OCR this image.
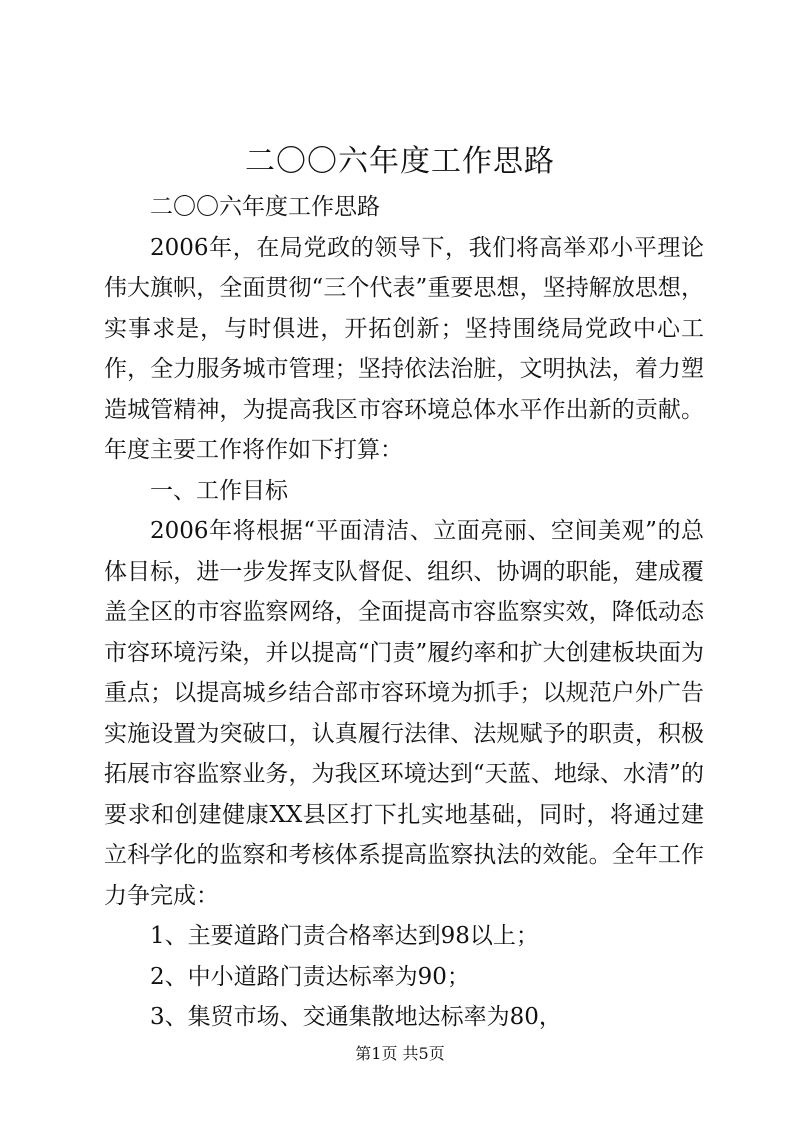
二〇〇六年度工作思路

二〇〇六年度工作思路

2006年，在局党政的领导下，我们将高举邓小平理论伟大旗帜，全面贯彻“三个代表”重要思想，坚持解放思想，实事求是，与时俱进，开拓创新；坚持围绕局党政中心工作，全力服务城市管理；坚持依法治脏，文明执法，着力塑造城管精神，为提高我区市容环境总体水平作出新的贡献。年度主要工作将作如下打算：

一、工作目标

2006年将根据“平面清洁、立面亮丽、空间美观”的总体目标，进一步发挥支队督促、组织、协调的职能，建成覆盖全区的市容监察网络，全面提高市容监察实效，降低动态市容环境污染，并以提高“门责”履约率和扩大创建板块面为重点；以提高城乡结合部市容环境为抓手；以规范户外广告实施设置为突破口，认真履行法律、法规赋予的职责，积极拓展市容监察业务，为我区环境达到“天蓝、地绿、水清”的要求和创建健康XX县区打下扎实地基础，同时，将通过建立科学化的监察和考核体系提高监察执法的效能。全年工作力争完成：

1、主要道路门责合格率达到98以上；

2、中小道路门责达标率为90；

3、集贸市场、交通集散地达标率为80，

第1页 共5页
